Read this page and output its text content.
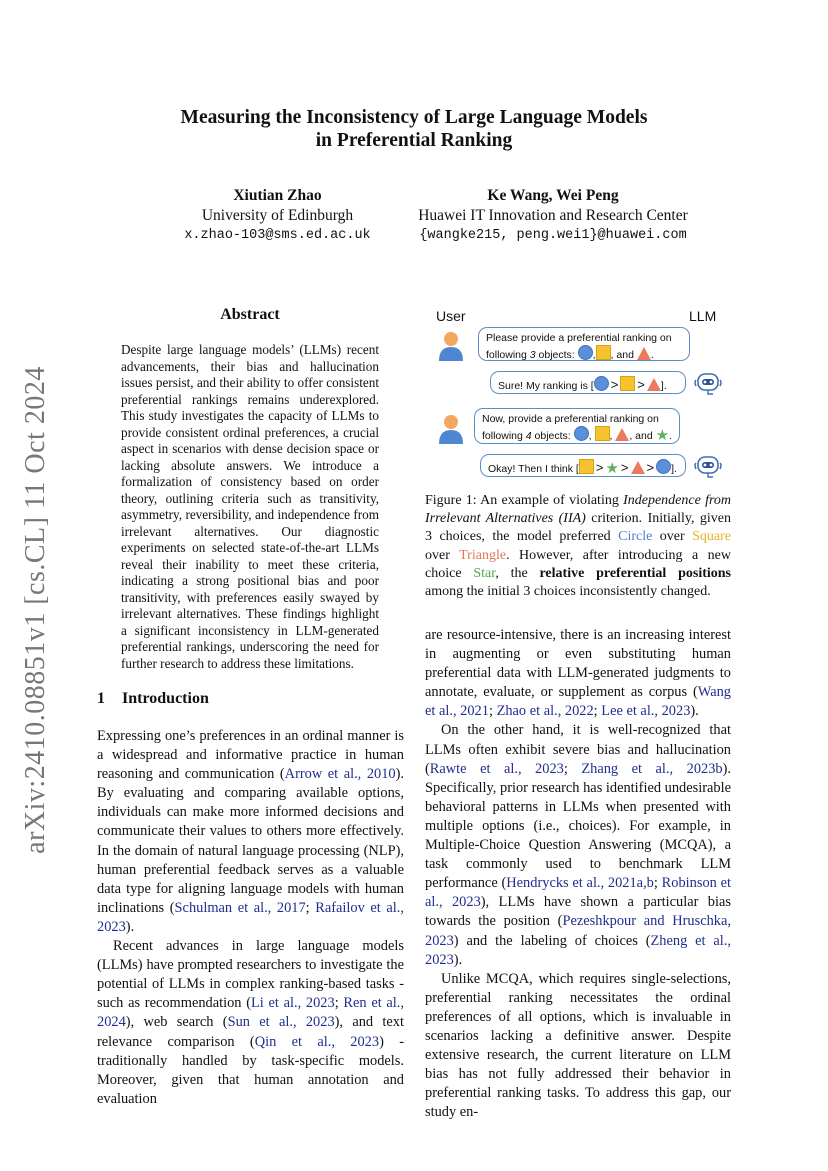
arXiv:2410.08851v1 [cs.CL] 11 Oct 2024
Measuring the Inconsistency of Large Language Models
in Preferential Ranking
Xiutian Zhao
University of Edinburgh
x.zhao-103@sms.ed.ac.uk
Ke Wang, Wei Peng
Huawei IT Innovation and Research Center
{wangke215, peng.wei1}@huawei.com
Abstract
Despite large language models’ (LLMs) recent advancements, their bias and hallucination issues persist, and their ability to offer consistent preferential rankings remains underexplored. This study investigates the capacity of LLMs to provide consistent ordinal preferences, a crucial aspect in scenarios with dense decision space or lacking absolute answers. We introduce a formalization of consistency based on order theory, outlining criteria such as transitivity, asymmetry, reversibility, and independence from irrelevant alternatives. Our diagnostic experiments on selected state-of-the-art LLMs reveal their inability to meet these criteria, indicating a strong positional bias and poor transitivity, with preferences easily swayed by irrelevant alternatives. These findings highlight a significant inconsistency in LLM-generated preferential rankings, underscoring the need for further research to address these limitations.
1 Introduction

Expressing one’s preferences in an ordinal manner is a widespread and informative practice in human reasoning and communication (Arrow et al., 2010). By evaluating and comparing available options, individuals can make more informed decisions and communicate their values to others more effectively. In the domain of natural language processing (NLP), human preferential feedback serves as a valuable data type for aligning language models with human inclinations (Schulman et al., 2017; Rafailov et al., 2023).

Recent advances in large language models (LLMs) have prompted researchers to investigate the potential of LLMs in complex ranking-based tasks - such as recommendation (Li et al., 2023; Ren et al., 2024), web search (Sun et al., 2023), and text relevance comparison (Qin et al., 2023) - traditionally handled by task-specific models. Moreover, given that human annotation and evaluation

User	LLM
Please provide a preferential ranking on
following 3 objects: , , and .
Sure! My ranking is [ > > ].
Now, provide a preferential ranking on
following 4 objects: , , , and ★.
Okay! Then I think [ > ★ > > ].
Figure 1: An example of violating Independence from Irrelevant Alternatives (IIA) criterion. Initially, given 3 choices, the model preferred Circle over Square over Triangle. However, after introducing a new choice Star, the relative preferential positions among the initial 3 choices inconsistently changed.

are resource-intensive, there is an increasing interest in augmenting or even substituting human preferential data with LLM-generated judgments to annotate, evaluate, or supplement as corpus (Wang et al., 2021; Zhao et al., 2022; Lee et al., 2023).

On the other hand, it is well-recognized that LLMs often exhibit severe bias and hallucination (Rawte et al., 2023; Zhang et al., 2023b). Specifically, prior research has identified undesirable behavioral patterns in LLMs when presented with multiple options (i.e., choices). For example, in Multiple-Choice Question Answering (MCQA), a task commonly used to benchmark LLM performance (Hendrycks et al., 2021a,b; Robinson et al., 2023), LLMs have shown a particular bias towards the position (Pezeshkpour and Hruschka, 2023) and the labeling of choices (Zheng et al., 2023).

Unlike MCQA, which requires single-selections, preferential ranking necessitates the ordinal preferences of all options, which is invaluable in scenarios lacking a definitive answer. Despite extensive research, the current literature on LLM bias has not fully addressed their behavior in preferential ranking tasks. To address this gap, our study en-
